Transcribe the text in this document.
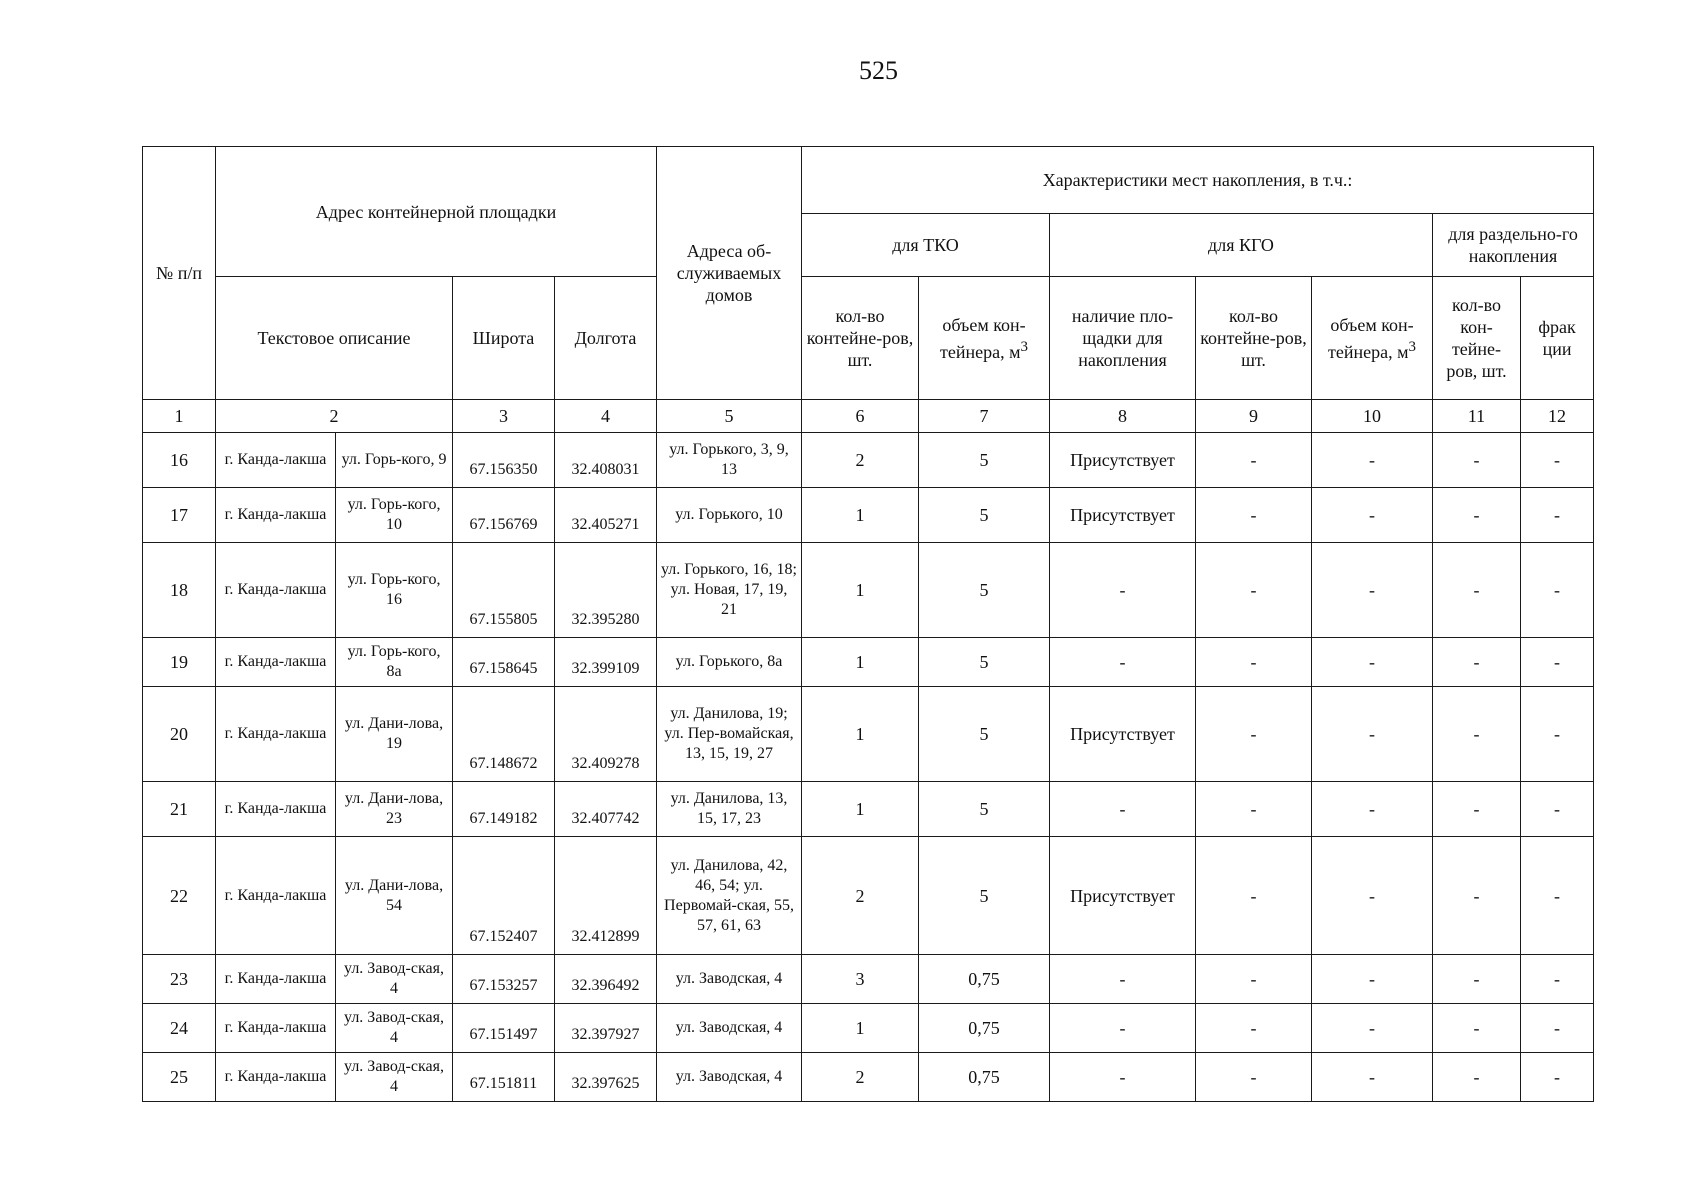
525
№ п/п	Адрес контейнерной площадки				Адреса об-служиваемых домов	Характеристики мест накопления, в т.ч.:						
						для ТКО		для КГО			для раздельно-го накопления	
						кол-во контейне-ров, шт.	объем кон-тейнера, $м^3$	наличие пло-щадки для накопления	кол-во контейне-ров, шт.	объем кон-тейнера, $м^3$	кол-во кон-тейне-ров, шт.	фрак ции
	Текстовое описание		Широта	Долгота								
1	2		3	4	5	6	7	8	9	10	11	12
16	г. Канда-лакша	ул. Горь-кого, 9	67.156350	32.408031	ул. Горького, 3, 9, 13	2	5	Присутствует	-	-	-	-
17	г. Канда-лакша	ул. Горь-кого, 10	67.156769	32.405271	ул. Горького, 10	1	5	Присутствует	-	-	-	-
18	г. Канда-лакша	ул. Горь-кого, 16	67.155805	32.395280	ул. Горького, 16, 18; ул. Новая, 17, 19, 21	1	5	-	-	-	-	-
19	г. Канда-лакша	ул. Горь-кого, 8а	67.158645	32.399109	ул. Горького, 8а	1	5	-	-	-	-	-
20	г. Канда-лакша	ул. Дани-лова, 19	67.148672	32.409278	ул. Данилова, 19; ул. Пер-вомайская, 13, 15, 19, 27	1	5	Присутствует	-	-	-	-
21	г. Канда-лакша	ул. Дани-лова, 23	67.149182	32.407742	ул. Данилова, 13, 15, 17, 23	1	5	-	-	-	-	-
22	г. Канда-лакша	ул. Дани-лова, 54	67.152407	32.412899	ул. Данилова, 42, 46, 54; ул. Первомай-ская, 55, 57, 61, 63	2	5	Присутствует	-	-	-	-
23	г. Канда-лакша	ул. Завод-ская, 4	67.153257	32.396492	ул. Заводская, 4	3	0,75	-	-	-	-	-
24	г. Канда-лакша	ул. Завод-ская, 4	67.151497	32.397927	ул. Заводская, 4	1	0,75	-	-	-	-	-
25	г. Канда-лакша	ул. Завод-ская, 4	67.151811	32.397625	ул. Заводская, 4	2	0,75	-	-	-	-	-
